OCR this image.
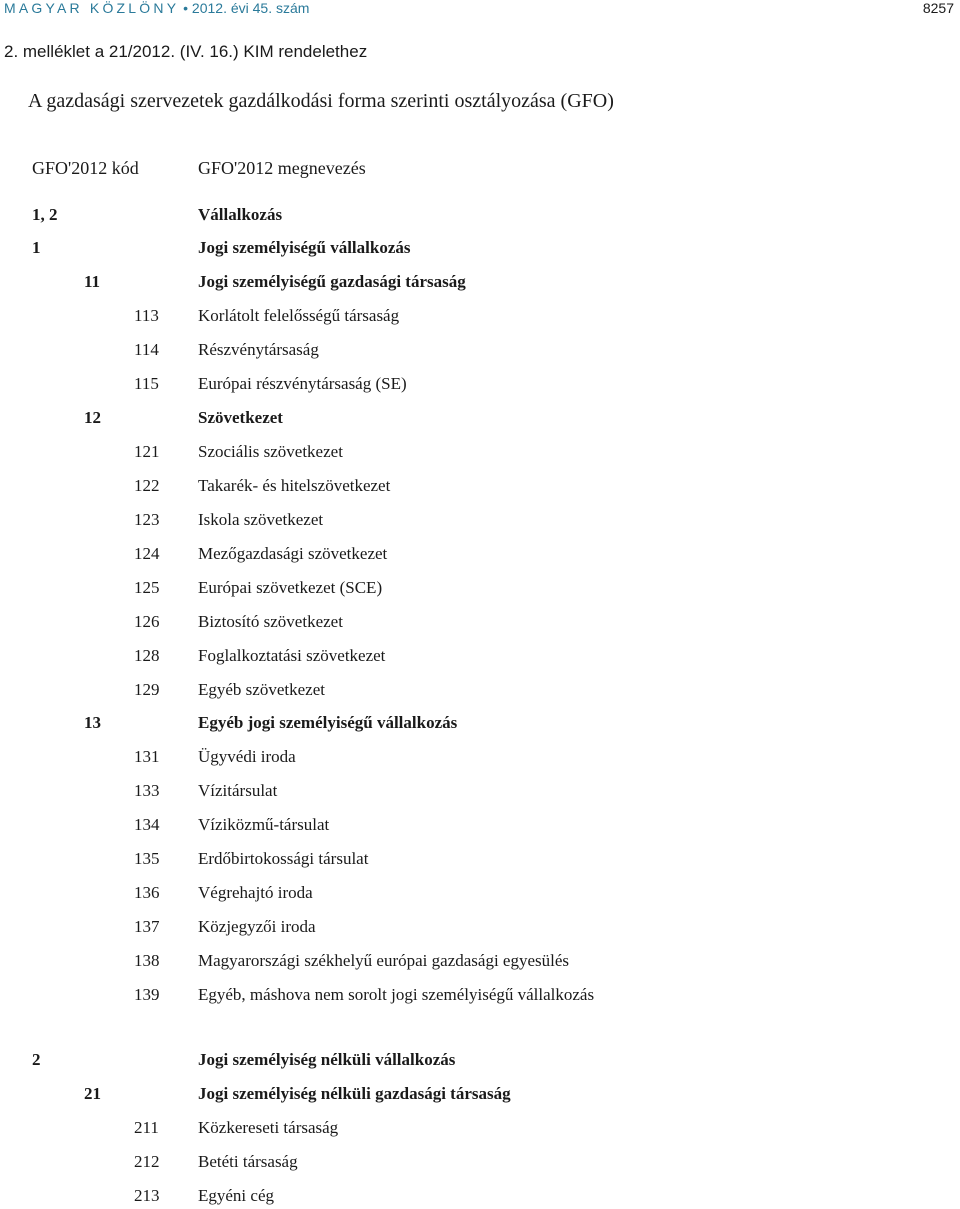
MAGYAR KÖZLÖNY • 2012. évi 45. szám	8257
2. melléklet a 21/2012. (IV. 16.) KIM rendelethez
A gazdasági szervezetek gazdálkodási forma szerinti osztályozása (GFO)
GFO'2012 kód	GFO'2012 megnevezés
1, 2	Vállalkozás
1	Jogi személyiségű vállalkozás
11	Jogi személyiségű gazdasági társaság
113 Korlátolt felelősségű társaság
114 Részvénytársaság
115 Európai részvénytársaság (SE)
12	Szövetkezet
121 Szociális szövetkezet
122 Takarék- és hitelszövetkezet
123 Iskola szövetkezet
124 Mezőgazdasági szövetkezet
125 Európai szövetkezet (SCE)
126 Biztosító szövetkezet
128 Foglalkoztatási szövetkezet
129 Egyéb szövetkezet
13	Egyéb jogi személyiségű vállalkozás
131 Ügyvédi iroda
133 Vízitársulat
134 Víziközmű-társulat
135 Erdőbirtokossági társulat
136 Végrehajtó iroda
137 Közjegyzői iroda
138 Magyarországi székhelyű európai gazdasági egyesülés
139 Egyéb, máshova nem sorolt jogi személyiségű vállalkozás
2	Jogi személyiség nélküli vállalkozás
21	Jogi személyiség nélküli gazdasági társaság
211 Közkereseti társaság
212 Betéti társaság
213 Egyéni cég
